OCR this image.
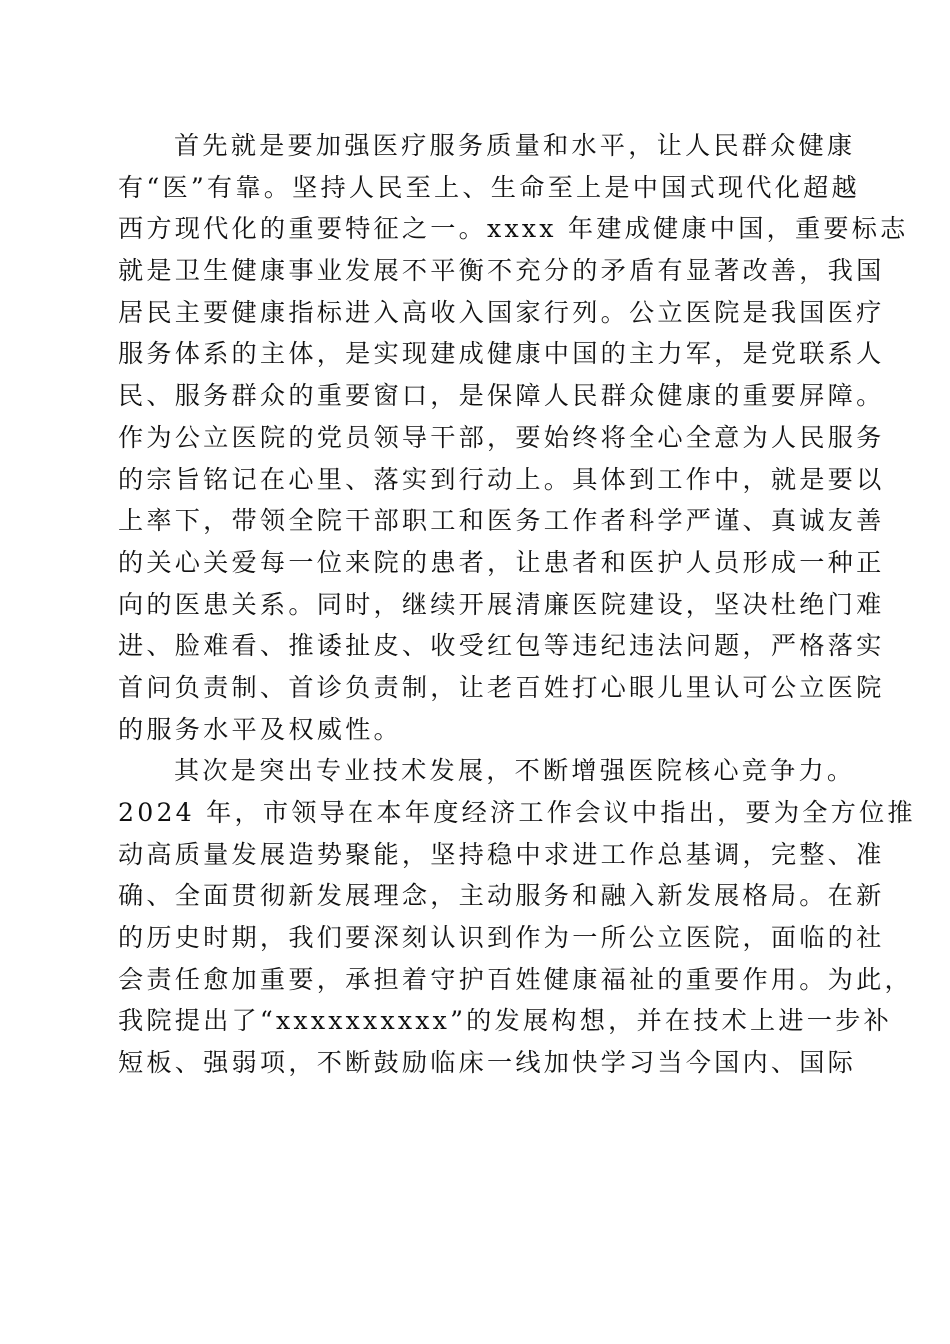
首先就是要加强医疗服务质量和水平，让人民群众健康
有“医”有靠。坚持人民至上、生命至上是中国式现代化超越
西方现代化的重要特征之一。xxxx 年建成健康中国，重要标志
就是卫生健康事业发展不平衡不充分的矛盾有显著改善，我国
居民主要健康指标进入高收入国家行列。公立医院是我国医疗
服务体系的主体，是实现建成健康中国的主力军，是党联系人
民、服务群众的重要窗口，是保障人民群众健康的重要屏障。
作为公立医院的党员领导干部，要始终将全心全意为人民服务
的宗旨铭记在心里、落实到行动上。具体到工作中，就是要以
上率下，带领全院干部职工和医务工作者科学严谨、真诚友善
的关心关爱每一位来院的患者，让患者和医护人员形成一种正
向的医患关系。同时，继续开展清廉医院建设，坚决杜绝门难
进、脸难看、推诿扯皮、收受红包等违纪违法问题，严格落实
首问负责制、首诊负责制，让老百姓打心眼儿里认可公立医院
的服务水平及权威性。
其次是突出专业技术发展，不断增强医院核心竞争力。
2024 年，市领导在本年度经济工作会议中指出，要为全方位推
动高质量发展造势聚能，坚持稳中求进工作总基调，完整、准
确、全面贯彻新发展理念，主动服务和融入新发展格局。在新
的历史时期，我们要深刻认识到作为一所公立医院，面临的社
会责任愈加重要，承担着守护百姓健康福祉的重要作用。为此，
我院提出了“xxxxxxxxxx”的发展构想，并在技术上进一步补
短板、强弱项，不断鼓励临床一线加快学习当今国内、国际
